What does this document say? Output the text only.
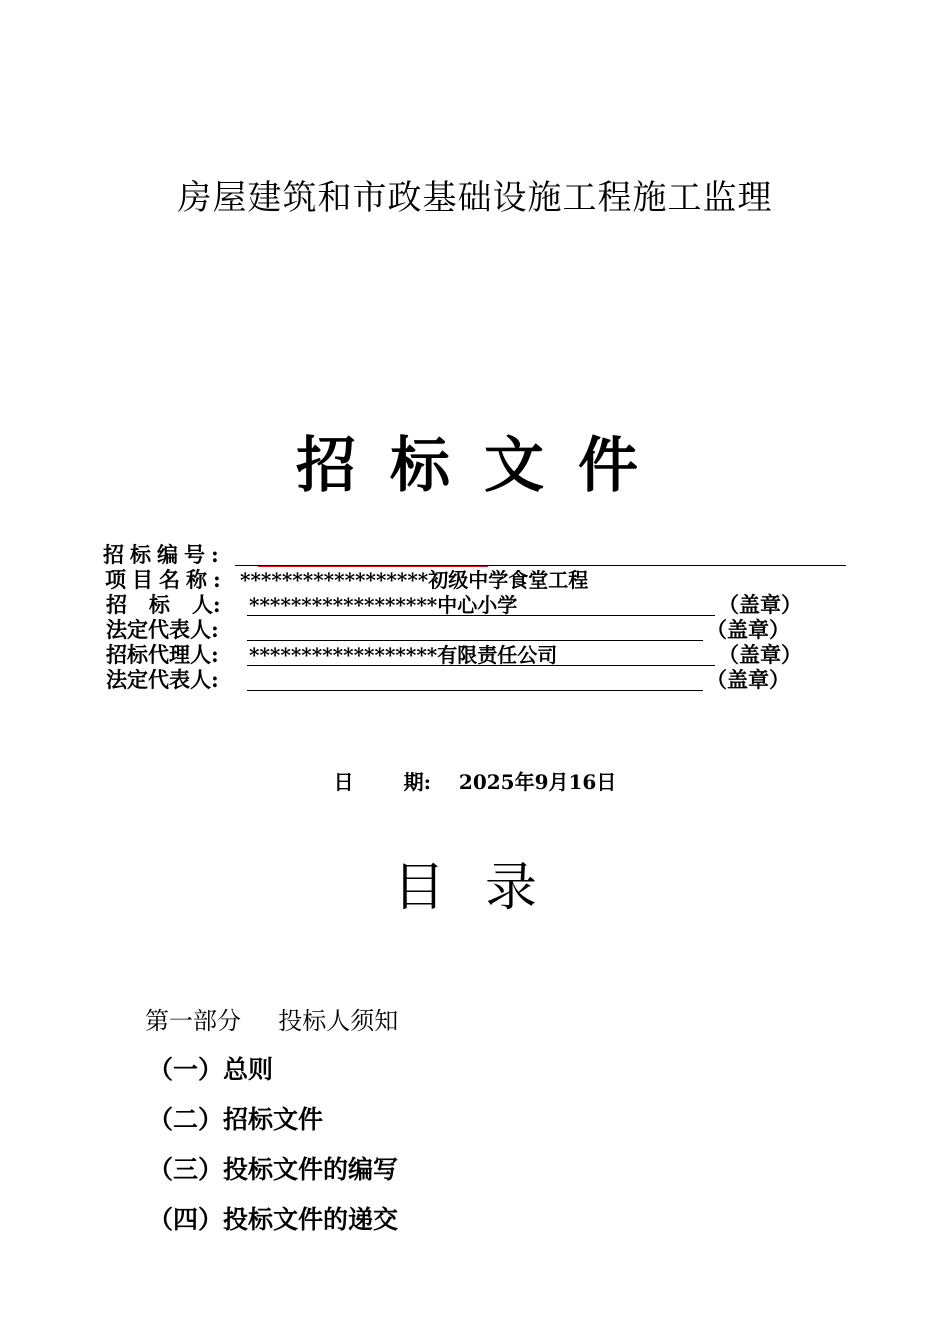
房屋建筑和市政基础设施工程施工监理
招标文件
招标编号:
项目名称: ******************初级中学食堂工程
招   标   人: ******************中心小学	（盖章）
法定代表人:	（盖章）
招标代理人: ******************有限责任公司	（盖章）
法定代表人:	（盖章）
日 期: 2025年9月16日
目录
第一部分 投标人须知
（一）总则
（二）招标文件
（三）投标文件的编写
（四）投标文件的递交
